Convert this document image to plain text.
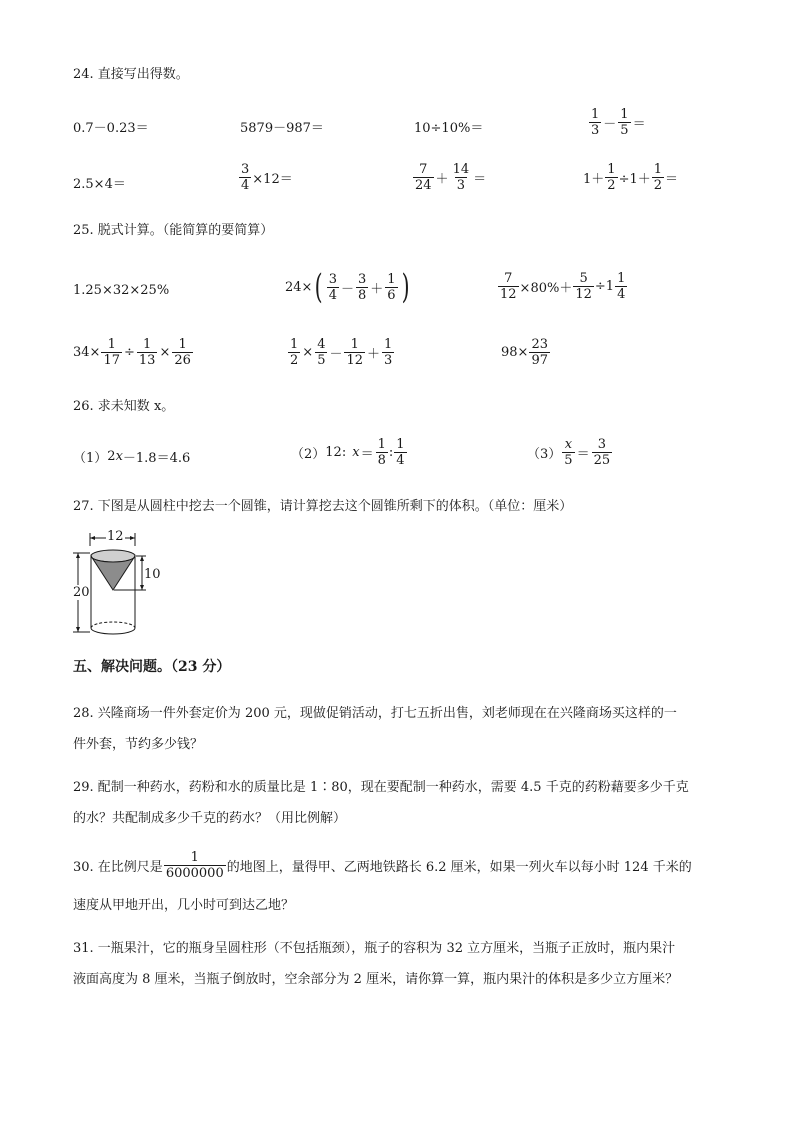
24. 直接写出得数。
0.7－0.23＝	5879－987＝	10÷10%＝	$\frac{1}{3} - \frac{1}{5}$ ＝
2.5×4＝	$\frac{3}{4} \times 12=$	$\frac{7}{24} + \frac{14}{3}$ ＝	$1+ \frac{1}{2} \div 1+ \frac{1}{2}$ ＝
25. 脱式计算。（能简算的要简算）
1.25×32×25%	24× ( $\frac{3}{4} - \frac{3}{8} + \frac{1}{6}$ )	$\frac{7}{12} \times 80\%+ \frac{5}{12} \div 1 \frac{1}{4}$
$34\times \frac{1}{17} \div \frac{1}{13} \times \frac{1}{26}$	$\frac{1}{2} \times \frac{4}{5} - \frac{1}{12} + \frac{1}{3}$	$98\times \frac{23}{97}$
26. 求未知数 x。
（1） 2 x －1.8＝4.6	（2） 12 : $x = \frac{1}{8}$ : $\frac{1}{4}$	$(3) \frac{x}{5} = \frac{3}{25}$
27. 下图是从圆柱中挖去一个圆锥，请计算挖去这个圆锥所剩下的体积。（单位：厘米）
12
20
10
五、解决问题。（23 分）
28. 兴隆商场一件外套定价为 200 元，现做促销活动，打七五折出售，刘老师现在在兴隆商场买这样的一
件外套，节约多少钱？
29. 配制一种药水，药粉和水的质量比是 1∶80，现在要配制一种药水，需要 4.5 千克的药粉藉要多少千克
的水？共配制成多少千克的药水？（用比例解）
30. 在比例尺是 $\frac{1}{6000000}$ 的地图上，量得甲、乙两地铁路长 6.2 厘米，如果一列火车以每小时 124 千米的
速度从甲地开出，几小时可到达乙地？
31. 一瓶果汁，它的瓶身呈圆柱形（不包括瓶颈），瓶子的容积为 32 立方厘米，当瓶子正放时，瓶内果汁
液面高度为 8 厘米，当瓶子倒放时，空余部分为 2 厘米，请你算一算，瓶内果汁的体积是多少立方厘米？
